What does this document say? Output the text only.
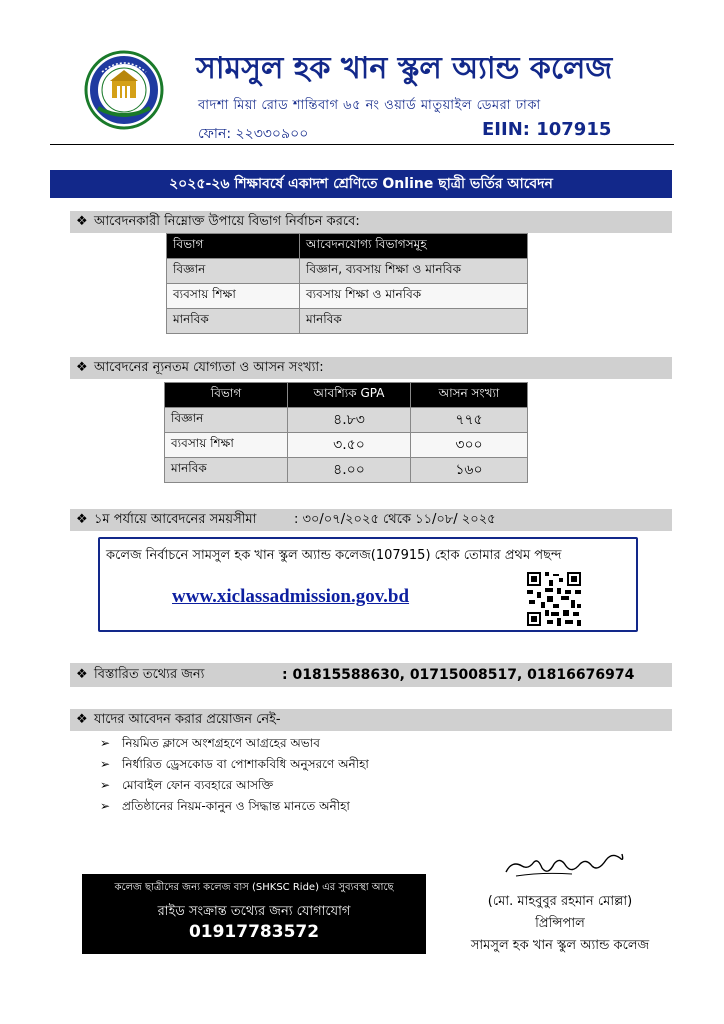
সামসুল হক খান স্কুল অ্যান্ড কলেজ
বাদশা মিয়া রোড শান্তিবাগ ৬৫ নং ওয়ার্ড মাতুয়াইল ডেমরা ঢাকা
ফোন: ২২৩৩০৯০০	EIIN: 107915
২০২৫-২৬ শিক্ষাবর্ষে একাদশ শ্রেণিতে Online ছাত্রী ভর্তির আবেদন
❖ আবেদনকারী নিম্নোক্ত উপায়ে বিভাগ নির্বাচন করবে:
বিভাগ	আবেদনযোগ্য বিভাগসমূহ
বিজ্ঞান	বিজ্ঞান, ব্যবসায় শিক্ষা ও মানবিক
ব্যবসায় শিক্ষা	ব্যবসায় শিক্ষা ও মানবিক
মানবিক	মানবিক
❖ আবেদনের ন্যূনতম যোগ্যতা ও আসন সংখ্যা:
বিভাগ	আবশ্যিক GPA	আসন সংখ্যা
বিজ্ঞান	৪.৮৩	৭৭৫
ব্যবসায় শিক্ষা	৩.৫০	৩০০
মানবিক	৪.০০	১৬০
❖ ১ম পর্যায়ে আবেদনের সময়সীমা	: ৩০/০৭/২০২৫ থেকে ১১/০৮/ ২০২৫
কলেজ নির্বাচনে সামসুল হক খান স্কুল অ্যান্ড কলেজ(107915) হোক তোমার প্রথম পছন্দ
www.xiclassadmission.gov.bd
❖ বিস্তারিত তথ্যের জন্য	: 01815588630, 01715008517, 01816676974
❖ যাদের আবেদন করার প্রয়োজন নেই-
➢ নিয়মিত ক্লাসে অংশগ্রহণে আগ্রহের অভাব
➢ নির্ধারিত ড্রেসকোড বা পোশাকবিধি অনুসরণে অনীহা
➢ মোবাইল ফোন ব্যবহারে আসক্তি
➢ প্রতিষ্ঠানের নিয়ম-কানুন ও সিদ্ধান্ত মানতে অনীহা
কলেজ ছাত্রীদের জন্য কলেজ বাস (SHKSC Ride) এর সুব্যবস্থা আছে
রাইড সংক্রান্ত তথ্যের জন্য যোগাযোগ
01917783572
(মো. মাহবুবুর রহমান মোল্লা)
প্রিন্সিপাল
সামসুল হক খান স্কুল অ্যান্ড কলেজ
